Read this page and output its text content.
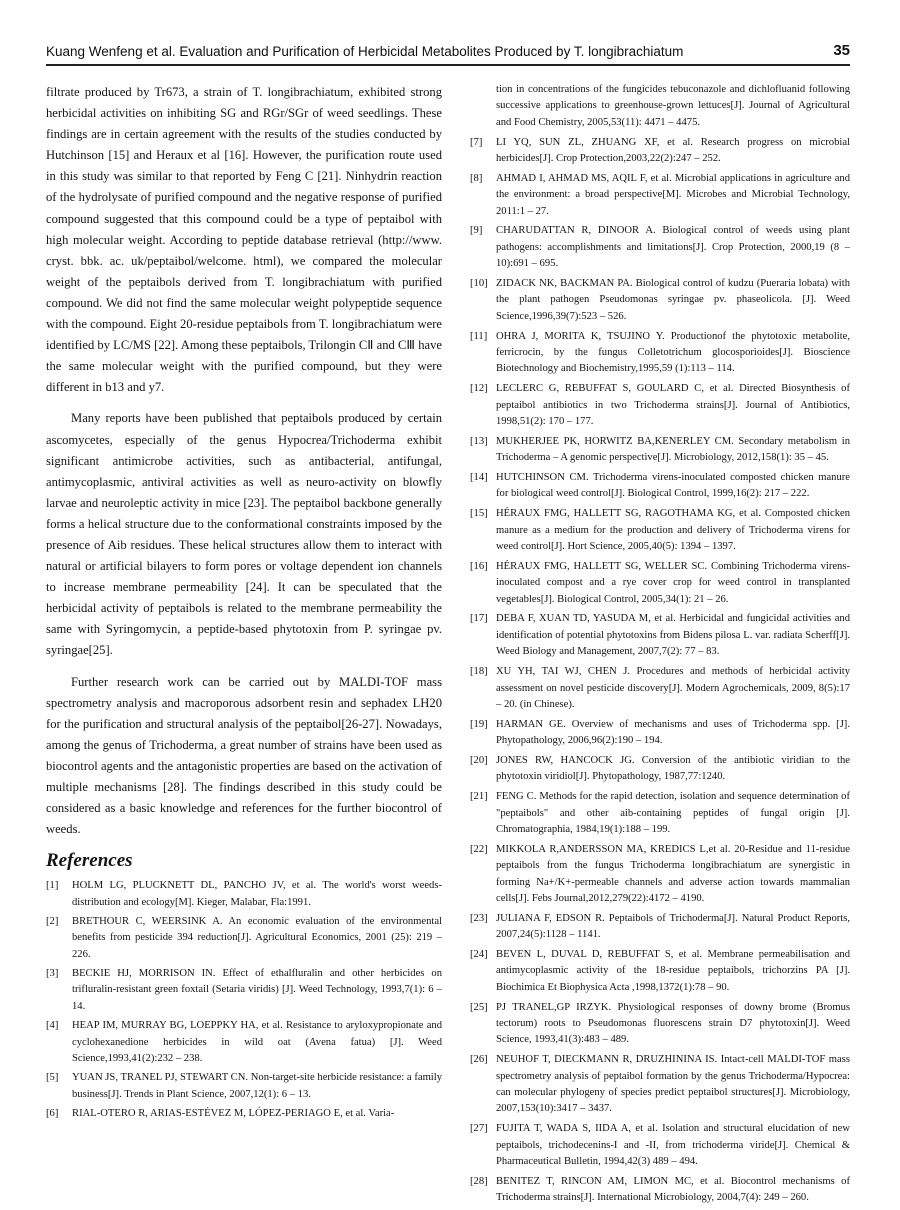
Kuang Wenfeng et al. Evaluation and Purification of Herbicidal Metabolites Produced by T. longibrachiatum	35

filtrate produced by Tr673, a strain of T. longibrachiatum, exhibited strong herbicidal activities on inhibiting SG and RGr/SGr of weed seedlings. These findings are in certain agreement with the results of the studies conducted by Hutchinson [15] and Heraux et al [16]. However, the purification route used in this study was similar to that reported by Feng C [21]. Ninhydrin reaction of the hydrolysate of purified compound and the negative response of purified compound suggested that this compound could be a type of peptaibol with high molecular weight. According to peptide database retrieval (http://www. cryst. bbk. ac. uk/peptaibol/welcome. html), we compared the molecular weight of the peptaibols derived from T. longibrachiatum with purified compound. We did not find the same molecular weight polypeptide sequence with the compound. Eight 20-residue peptaibols from T. longibrachiatum were identified by LC/MS [22]. Among these peptaibols, Trilongin CⅡ and CⅢ have the same molecular weight with the purified compound, but they were different in b13 and y7.

Many reports have been published that peptaibols produced by certain ascomycetes, especially of the genus Hypocrea/Trichoderma exhibit significant antimicrobe activities, such as antibacterial, antifungal, antimycoplasmic, antiviral activities as well as neuro-activity on blowfly larvae and neuroleptic activity in mice [23]. The peptaibol backbone generally forms a helical structure due to the conformational constraints imposed by the presence of Aib residues. These helical structures allow them to interact with natural or artificial bilayers to form pores or voltage dependent ion channels to increase membrane permeability [24]. It can be speculated that the herbicidal activity of peptaibols is related to the membrane permeability the same with Syringomycin, a peptide-based phytotoxin from P. syringae pv. syringae[25].

Further research work can be carried out by MALDI-TOF mass spectrometry analysis and macroporous adsorbent resin and sephadex LH20 for the purification and structural analysis of the peptaibol[26-27]. Nowadays, among the genus of Trichoderma, a great number of strains have been used as biocontrol agents and the antagonistic properties are based on the activation of multiple mechanisms [28]. The findings described in this study could be considered as a basic knowledge and references for the further biocontrol of weeds.

References
[1] HOLM LG, PLUCKNETT DL, PANCHO JV, et al. The world's worst weeds-distribution and ecology[M]. Kieger, Malabar, Fla:1991.
[2] BRETHOUR C, WEERSINK A. An economic evaluation of the environmental benefits from pesticide 394 reduction[J]. Agricultural Economics, 2001 (25): 219 – 226.
[3] BECKIE HJ, MORRISON IN. Effect of ethalfluralin and other herbicides on trifluralin-resistant green foxtail (Setaria viridis) [J]. Weed Technology, 1993,7(1): 6 – 14.
[4] HEAP IM, MURRAY BG, LOEPPKY HA, et al. Resistance to aryloxypropionate and cyclohexanedione herbicides in wild oat (Avena fatua) [J]. Weed Science,1993,41(2):232 – 238.
[5] YUAN JS, TRANEL PJ, STEWART CN. Non-target-site herbicide resistance: a family business[J]. Trends in Plant Science, 2007,12(1): 6 – 13.
[6] RIAL-OTERO R, ARIAS-ESTÉVEZ M, LÓPEZ-PERIAGO E, et al. Varia-
tion in concentrations of the fungicides tebuconazole and dichlofluanid following successive applications to greenhouse-grown lettuces[J]. Journal of Agricultural and Food Chemistry, 2005,53(11): 4471 – 4475.
[7] LI YQ, SUN ZL, ZHUANG XF, et al. Research progress on microbial herbicides[J]. Crop Protection,2003,22(2):247 – 252.
[8] AHMAD I, AHMAD MS, AQIL F, et al. Microbial applications in agriculture and the environment: a broad perspective[M]. Microbes and Microbial Technology, 2011:1 – 27.
[9] CHARUDATTAN R, DINOOR A. Biological control of weeds using plant pathogens: accomplishments and limitations[J]. Crop Protection, 2000,19 (8 – 10):691 – 695.
[10] ZIDACK NK, BACKMAN PA. Biological control of kudzu (Pueraria lobata) with the plant pathogen Pseudomonas syringae pv. phaseolicola. [J]. Weed Science,1996,39(7):523 – 526.
[11] OHRA J, MORITA K, TSUJINO Y. Productionof the phytotoxic metabolite, ferricrocin, by the fungus Colletotrichum glocosporioides[J]. Bioscience Biotechnology and Biochemistry,1995,59 (1):113 – 114.
[12] LECLERC G, REBUFFAT S, GOULARD C, et al. Directed Biosynthesis of peptaibol antibiotics in two Trichoderma strains[J]. Journal of Antibiotics, 1998,51(2): 170 – 177.
[13] MUKHERJEE PK, HORWITZ BA,KENERLEY CM. Secondary metabolism in Trichoderma – A genomic perspective[J]. Microbiology, 2012,158(1): 35 – 45.
[14] HUTCHINSON CM. Trichoderma virens-inoculated composted chicken manure for biological weed control[J]. Biological Control, 1999,16(2): 217 – 222.
[15] HÉRAUX FMG, HALLETT SG, RAGOTHAMA KG, et al. Composted chicken manure as a medium for the production and delivery of Trichoderma virens for weed control[J]. Hort Science, 2005,40(5): 1394 – 1397.
[16] HÉRAUX FMG, HALLETT SG, WELLER SC. Combining Trichoderma virens-inoculated compost and a rye cover crop for weed control in transplanted vegetables[J]. Biological Control, 2005,34(1): 21 – 26.
[17] DEBA F, XUAN TD, YASUDA M, et al. Herbicidal and fungicidal activities and identification of potential phytotoxins from Bidens pilosa L. var. radiata Scherff[J]. Weed Biology and Management, 2007,7(2): 77 – 83.
[18] XU YH, TAI WJ, CHEN J. Procedures and methods of herbicidal activity assessment on novel pesticide discovery[J]. Modern Agrochemicals, 2009, 8(5):17 – 20. (in Chinese).
[19] HARMAN GE. Overview of mechanisms and uses of Trichoderma spp. [J]. Phytopathology, 2006,96(2):190 – 194.
[20] JONES RW, HANCOCK JG. Conversion of the antibiotic viridian to the phytotoxin viridiol[J]. Phytopathology, 1987,77:1240.
[21] FENG C. Methods for the rapid detection, isolation and sequence determination of "peptaibols" and other aib-containing peptides of fungal origin [J]. Chromatographia, 1984,19(1):188 – 199.
[22] MIKKOLA R,ANDERSSON MA, KREDICS L,et al. 20-Residue and 11-residue peptaibols from the fungus Trichoderma longibrachiatum are synergistic in forming Na+/K+-permeable channels and adverse action towards mammalian cells[J]. Febs Journal,2012,279(22):4172 – 4190.
[23] JULIANA F, EDSON R. Peptaibols of Trichoderma[J]. Natural Product Reports, 2007,24(5):1128 – 1141.
[24] BEVEN L, DUVAL D, REBUFFAT S, et al. Membrane permeabilisation and antimycoplasmic activity of the 18-residue peptaibols, trichorzins PA [J]. Biochimica Et Biophysica Acta ,1998,1372(1):78 – 90.
[25] PJ TRANEL,GP IRZYK. Physiological responses of downy brome (Bromus tectorum) roots to Pseudomonas fluorescens strain D7 phytotoxin[J]. Weed Science, 1993,41(3):483 – 489.
[26] NEUHOF T, DIECKMANN R, DRUZHININA IS. Intact-cell MALDI-TOF mass spectrometry analysis of peptaibol formation by the genus Trichoderma/Hypocrea: can molecular phylogeny of species predict peptaibol structures[J]. Microbiology, 2007,153(10):3417 – 3437.
[27] FUJITA T, WADA S, IIDA A, et al. Isolation and structural elucidation of new peptaibols, trichodecenins-I and -II, from trichoderma viride[J]. Chemical & Pharmaceutical Bulletin, 1994,42(3) 489 – 494.
[28] BENITEZ T, RINCON AM, LIMON MC, et al. Biocontrol mechanisms of Trichoderma strains[J]. International Microbiology, 2004,7(4): 249 – 260.
